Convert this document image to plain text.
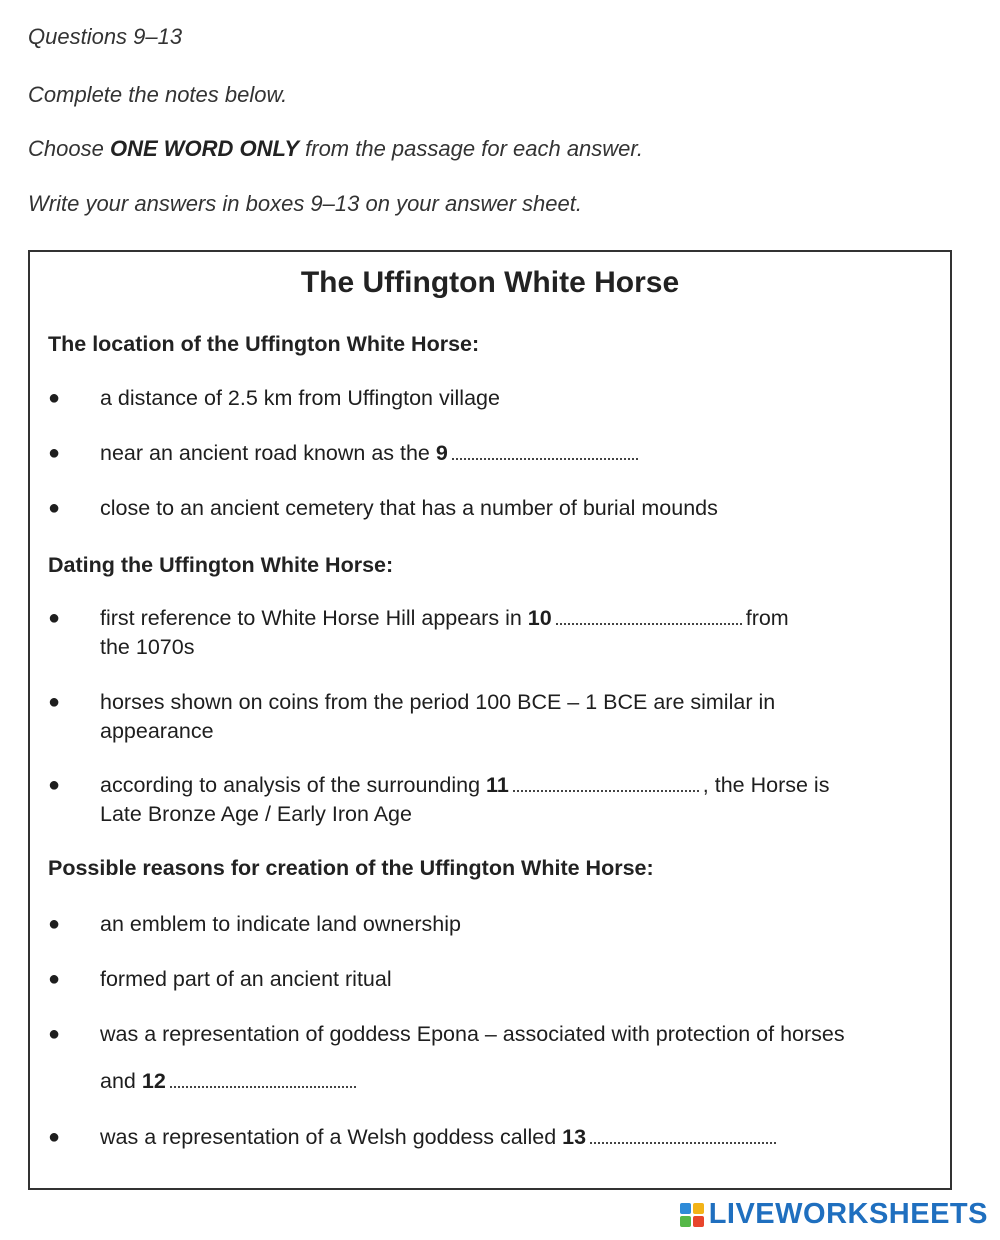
Questions 9–13

Complete the notes below.

Choose ONE WORD ONLY from the passage for each answer.

Write your answers in boxes 9–13 on your answer sheet.

The Uffington White Horse

The location of the Uffington White Horse:

● a distance of 2.5 km from Uffington village
● near an ancient road known as the 9
● close to an ancient cemetery that has a number of burial mounds

Dating the Uffington White Horse:

● first reference to White Horse Hill appears in 10	from
the 1070s
● horses shown on coins from the period 100 BCE – 1 BCE are similar in
appearance
● according to analysis of the surrounding 11	, the Horse is
Late Bronze Age / Early Iron Age

Possible reasons for creation of the Uffington White Horse:

● an emblem to indicate land ownership
● formed part of an ancient ritual
● was a representation of goddess Epona – associated with protection of horses
and 12
● was a representation of a Welsh goddess called 13
LIVEWORKSHEETS
